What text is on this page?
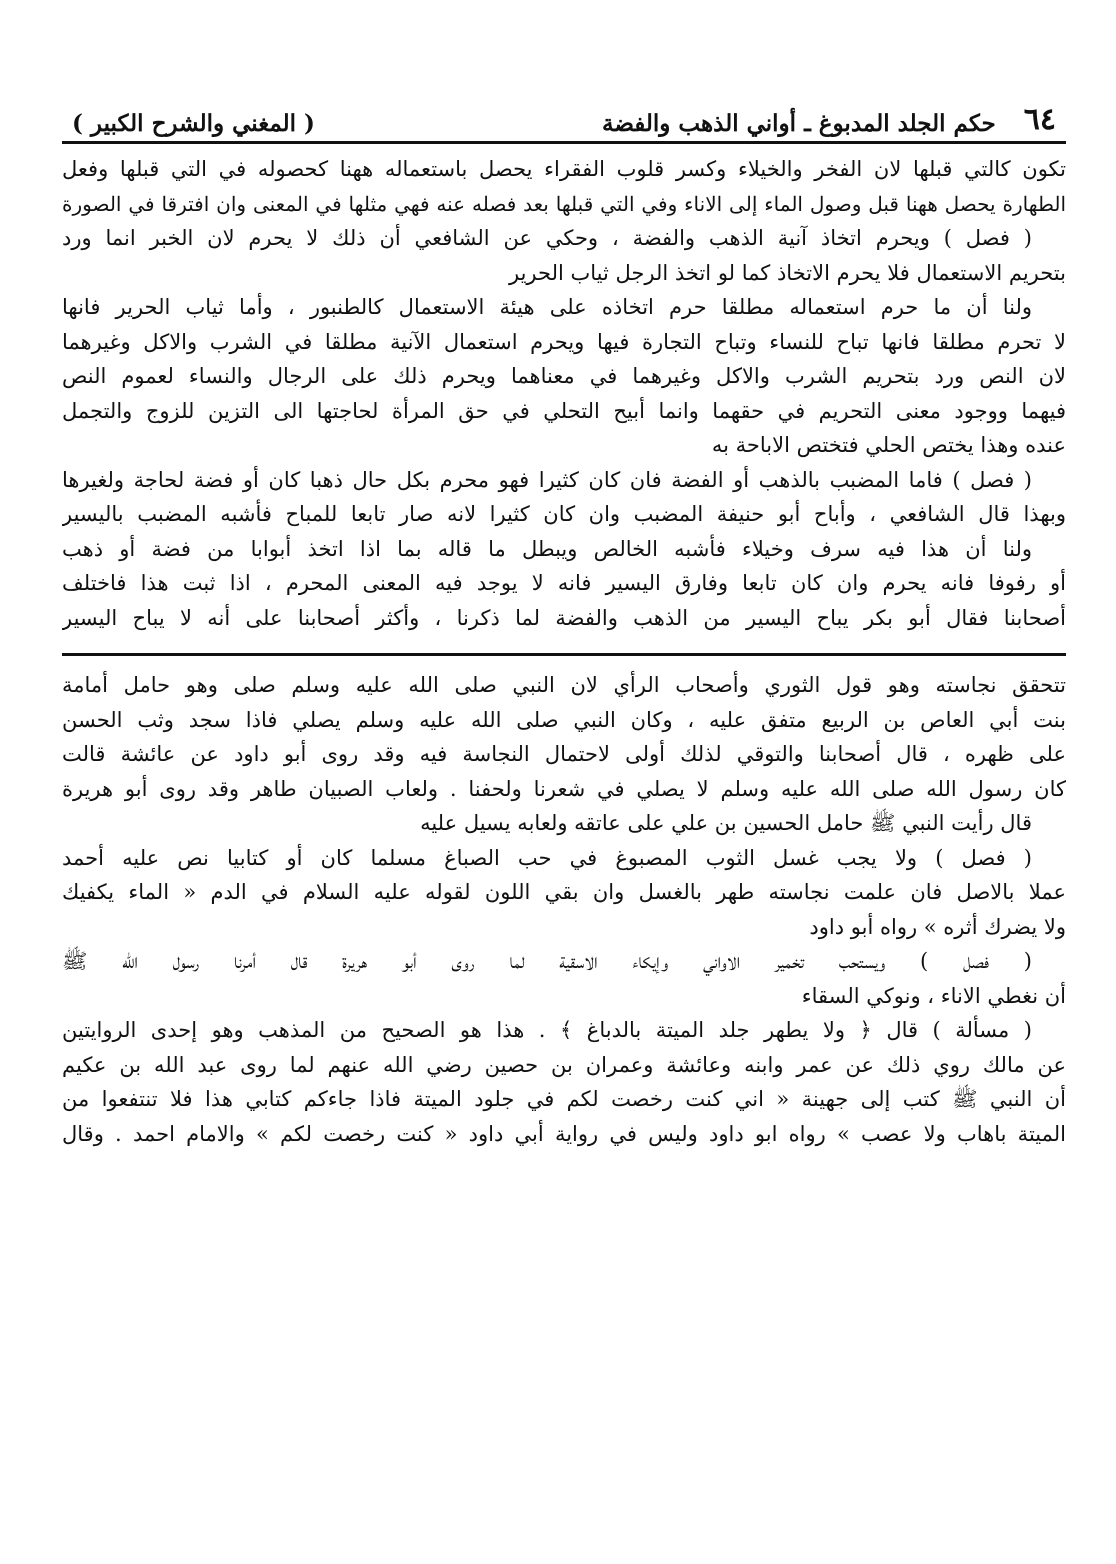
٦٤
حكم الجلد المدبوغ ـ أواني الذهب والفضة
( المغني والشرح الكبير )
تكون كالتي قبلها لان الفخر والخيلاء وكسر قلوب الفقراء يحصل باستعماله ههنا كحصوله في التي قبلها وفعل
الطهارة يحصل ههنا قبل وصول الماء إلى الاناء وفي التي قبلها بعد فصله عنه فهي مثلها في المعنى وان افترقا في الصورة
( فصل ) ويحرم اتخاذ آنية الذهب والفضة ، وحكي عن الشافعي أن ذلك لا يحرم لان الخبر انما ورد
بتحريم الاستعمال فلا يحرم الاتخاذ كما لو اتخذ الرجل ثياب الحرير
ولنا أن ما حرم استعماله مطلقا حرم اتخاذه على هيئة الاستعمال كالطنبور ، وأما ثياب الحرير فانها
لا تحرم مطلقا فانها تباح للنساء وتباح التجارة فيها ويحرم استعمال الآنية مطلقا في الشرب والاكل وغيرهما
لان النص ورد بتحريم الشرب والاكل وغيرهما في معناهما ويحرم ذلك على الرجال والنساء لعموم النص
فيهما ووجود معنى التحريم في حقهما وانما أبيح التحلي في حق المرأة لحاجتها الى التزين للزوج والتجمل
عنده وهذا يختص الحلي فتختص الاباحة به
( فصل ) فاما المضبب بالذهب أو الفضة فان كان كثيرا فهو محرم بكل حال ذهبا كان أو فضة لحاجة ولغيرها
وبهذا قال الشافعي ، وأباح أبو حنيفة المضبب وان كان كثيرا لانه صار تابعا للمباح فأشبه المضبب باليسير
ولنا أن هذا فيه سرف وخيلاء فأشبه الخالص ويبطل ما قاله بما اذا اتخذ أبوابا من فضة أو ذهب
أو رفوفا فانه يحرم وان كان تابعا وفارق اليسير فانه لا يوجد فيه المعنى المحرم ، اذا ثبت هذا فاختلف
أصحابنا فقال أبو بكر يباح اليسير من الذهب والفضة لما ذكرنا ، وأكثر أصحابنا على أنه لا يباح اليسير
تتحقق نجاسته وهو قول الثوري وأصحاب الرأي لان النبي صلى الله عليه وسلم صلى وهو حامل أمامة
بنت أبي العاص بن الربيع متفق عليه ، وكان النبي صلى الله عليه وسلم يصلي فاذا سجد وثب الحسن
على ظهره ، قال أصحابنا والتوقي لذلك أولى لاحتمال النجاسة فيه وقد روى أبو داود عن عائشة قالت
كان رسول الله صلى الله عليه وسلم لا يصلي في شعرنا ولحفنا . ولعاب الصبيان طاهر وقد روى أبو هريرة
قال رأيت النبي ﷺ حامل الحسين بن علي على عاتقه ولعابه يسيل عليه
( فصل ) ولا يجب غسل الثوب المصبوغ في حب الصباغ مسلما كان أو كتابيا نص عليه أحمد
عملا بالاصل فان علمت نجاسته طهر بالغسل وان بقي اللون لقوله عليه السلام في الدم « الماء يكفيك
ولا يضرك أثره » رواه أبو داود
( فصل ) ويستحب تخمير الاواني وإيكاء الاسقية لما روى أبو هريرة قال أمرنا رسول الله ﷺ
أن نغطي الاناء ، ونوكي السقاء
( مسألة ) قال ﴿ ولا يطهر جلد الميتة بالدباغ ﴾ . هذا هو الصحيح من المذهب وهو إحدى الروايتين
عن مالك روي ذلك عن عمر وابنه وعائشة وعمران بن حصين رضي الله عنهم لما روى عبد الله بن عكيم
أن النبي ﷺ كتب إلى جهينة « اني كنت رخصت لكم في جلود الميتة فاذا جاءكم كتابي هذا فلا تنتفعوا من
الميتة باهاب ولا عصب » رواه ابو داود وليس في رواية أبي داود « كنت رخصت لكم » والامام احمد . وقال
